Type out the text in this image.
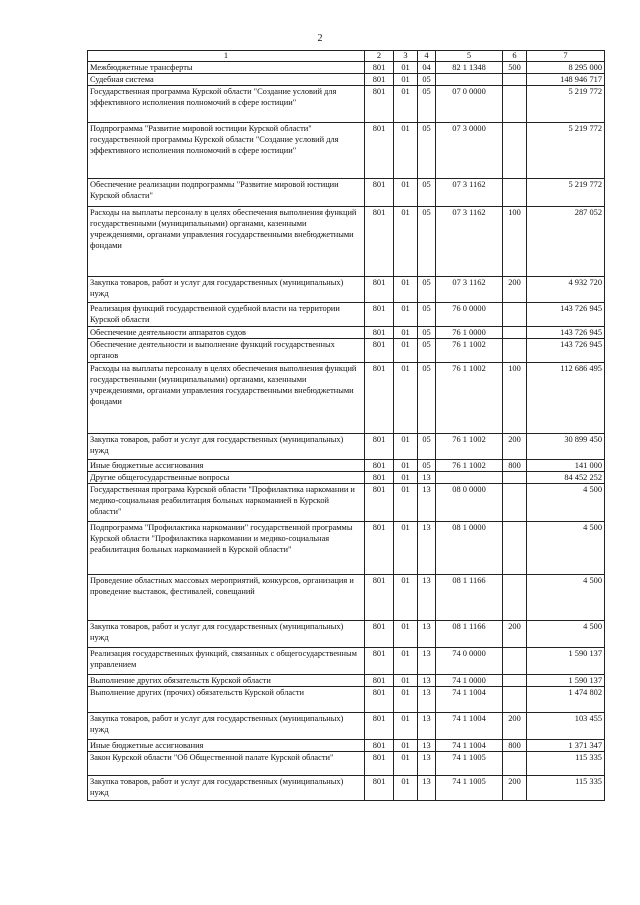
2
1	2	3	4	5	6	7
Межбюджетные трансферты	801	01	04	82 1 1348	500	8 295 000
Судебная система	801	01	05			148 946 717
Государственная программа Курской области "Создание условий для эффективного исполнения полномочий в сфере юстиции"	801	01	05	07 0 0000		5 219 772
Подпрограмма "Развитие мировой юстиции Курской области" государственной программы Курской области "Создание условий для эффективного исполнения полномочий в сфере юстиции"	801	01	05	07 3 0000		5 219 772
Обеспечение реализации подпрограммы "Развитие мировой юстиции Курской области"	801	01	05	07 3 1162		5 219 772
Расходы на выплаты персоналу в целях обеспечения выполнения функций государственными (муниципальными) органами, казенными учреждениями, органами управления государственными внебюджетными фондами	801	01	05	07 3 1162	100	287 052
Закупка товаров, работ и услуг для государственных (муниципальных) нужд	801	01	05	07 3 1162	200	4 932 720
Реализация функций государственной судебной власти на территории Курской области	801	01	05	76 0 0000		143 726 945
Обеспечение деятельности аппаратов судов	801	01	05	76 1 0000		143 726 945
Обеспечение деятельности и выполнение функций государственных органов	801	01	05	76 1 1002		143 726 945
Расходы на выплаты персоналу в целях обеспечения выполнения функций государственными (муниципальными) органами, казенными учреждениями, органами управления государственными внебюджетными фондами	801	01	05	76 1 1002	100	112 686 495
Закупка товаров, работ и услуг для государственных (муниципальных) нужд	801	01	05	76 1 1002	200	30 899 450
Иные бюджетные ассигнования	801	01	05	76 1 1002	800	141 000
Другие общегосударственные вопросы	801	01	13			84 452 252
Государственная програма Курской области "Профилактика наркомании и медико-социальная реабилитация больных наркоманией в Курской области"	801	01	13	08 0 0000		4 500
Подпрограмма "Профилактика наркомании" государственной программы Курской области "Профилактика наркомании и медико-социальная реабилитация больных наркоманией в Курской области"	801	01	13	08 1 0000		4 500
Проведение областных массовых мероприятий, конкурсов, организация и проведение выставок, фестивалей, совещаний	801	01	13	08 1 1166		4 500
Закупка товаров, работ и услуг для государственных (муниципальных) нужд	801	01	13	08 1 1166	200	4 500
Реализация государственных функций, связанных с общегосударственным управлением	801	01	13	74 0 0000		1 590 137
Выполнение других обязательств Курской области	801	01	13	74 1 0000		1 590 137
Выполнение других (прочих) обязательств Курской области	801	01	13	74 1 1004		1 474 802
Закупка товаров, работ и услуг для государственных (муниципальных) нужд	801	01	13	74 1 1004	200	103 455
Иные бюджетные ассигнования	801	01	13	74 1 1004	800	1 371 347
Закон Курской области "Об Общественной палате Курской области"	801	01	13	74 1 1005		115 335
Закупка товаров, работ и услуг для государственных (муниципальных) нужд	801	01	13	74 1 1005	200	115 335
